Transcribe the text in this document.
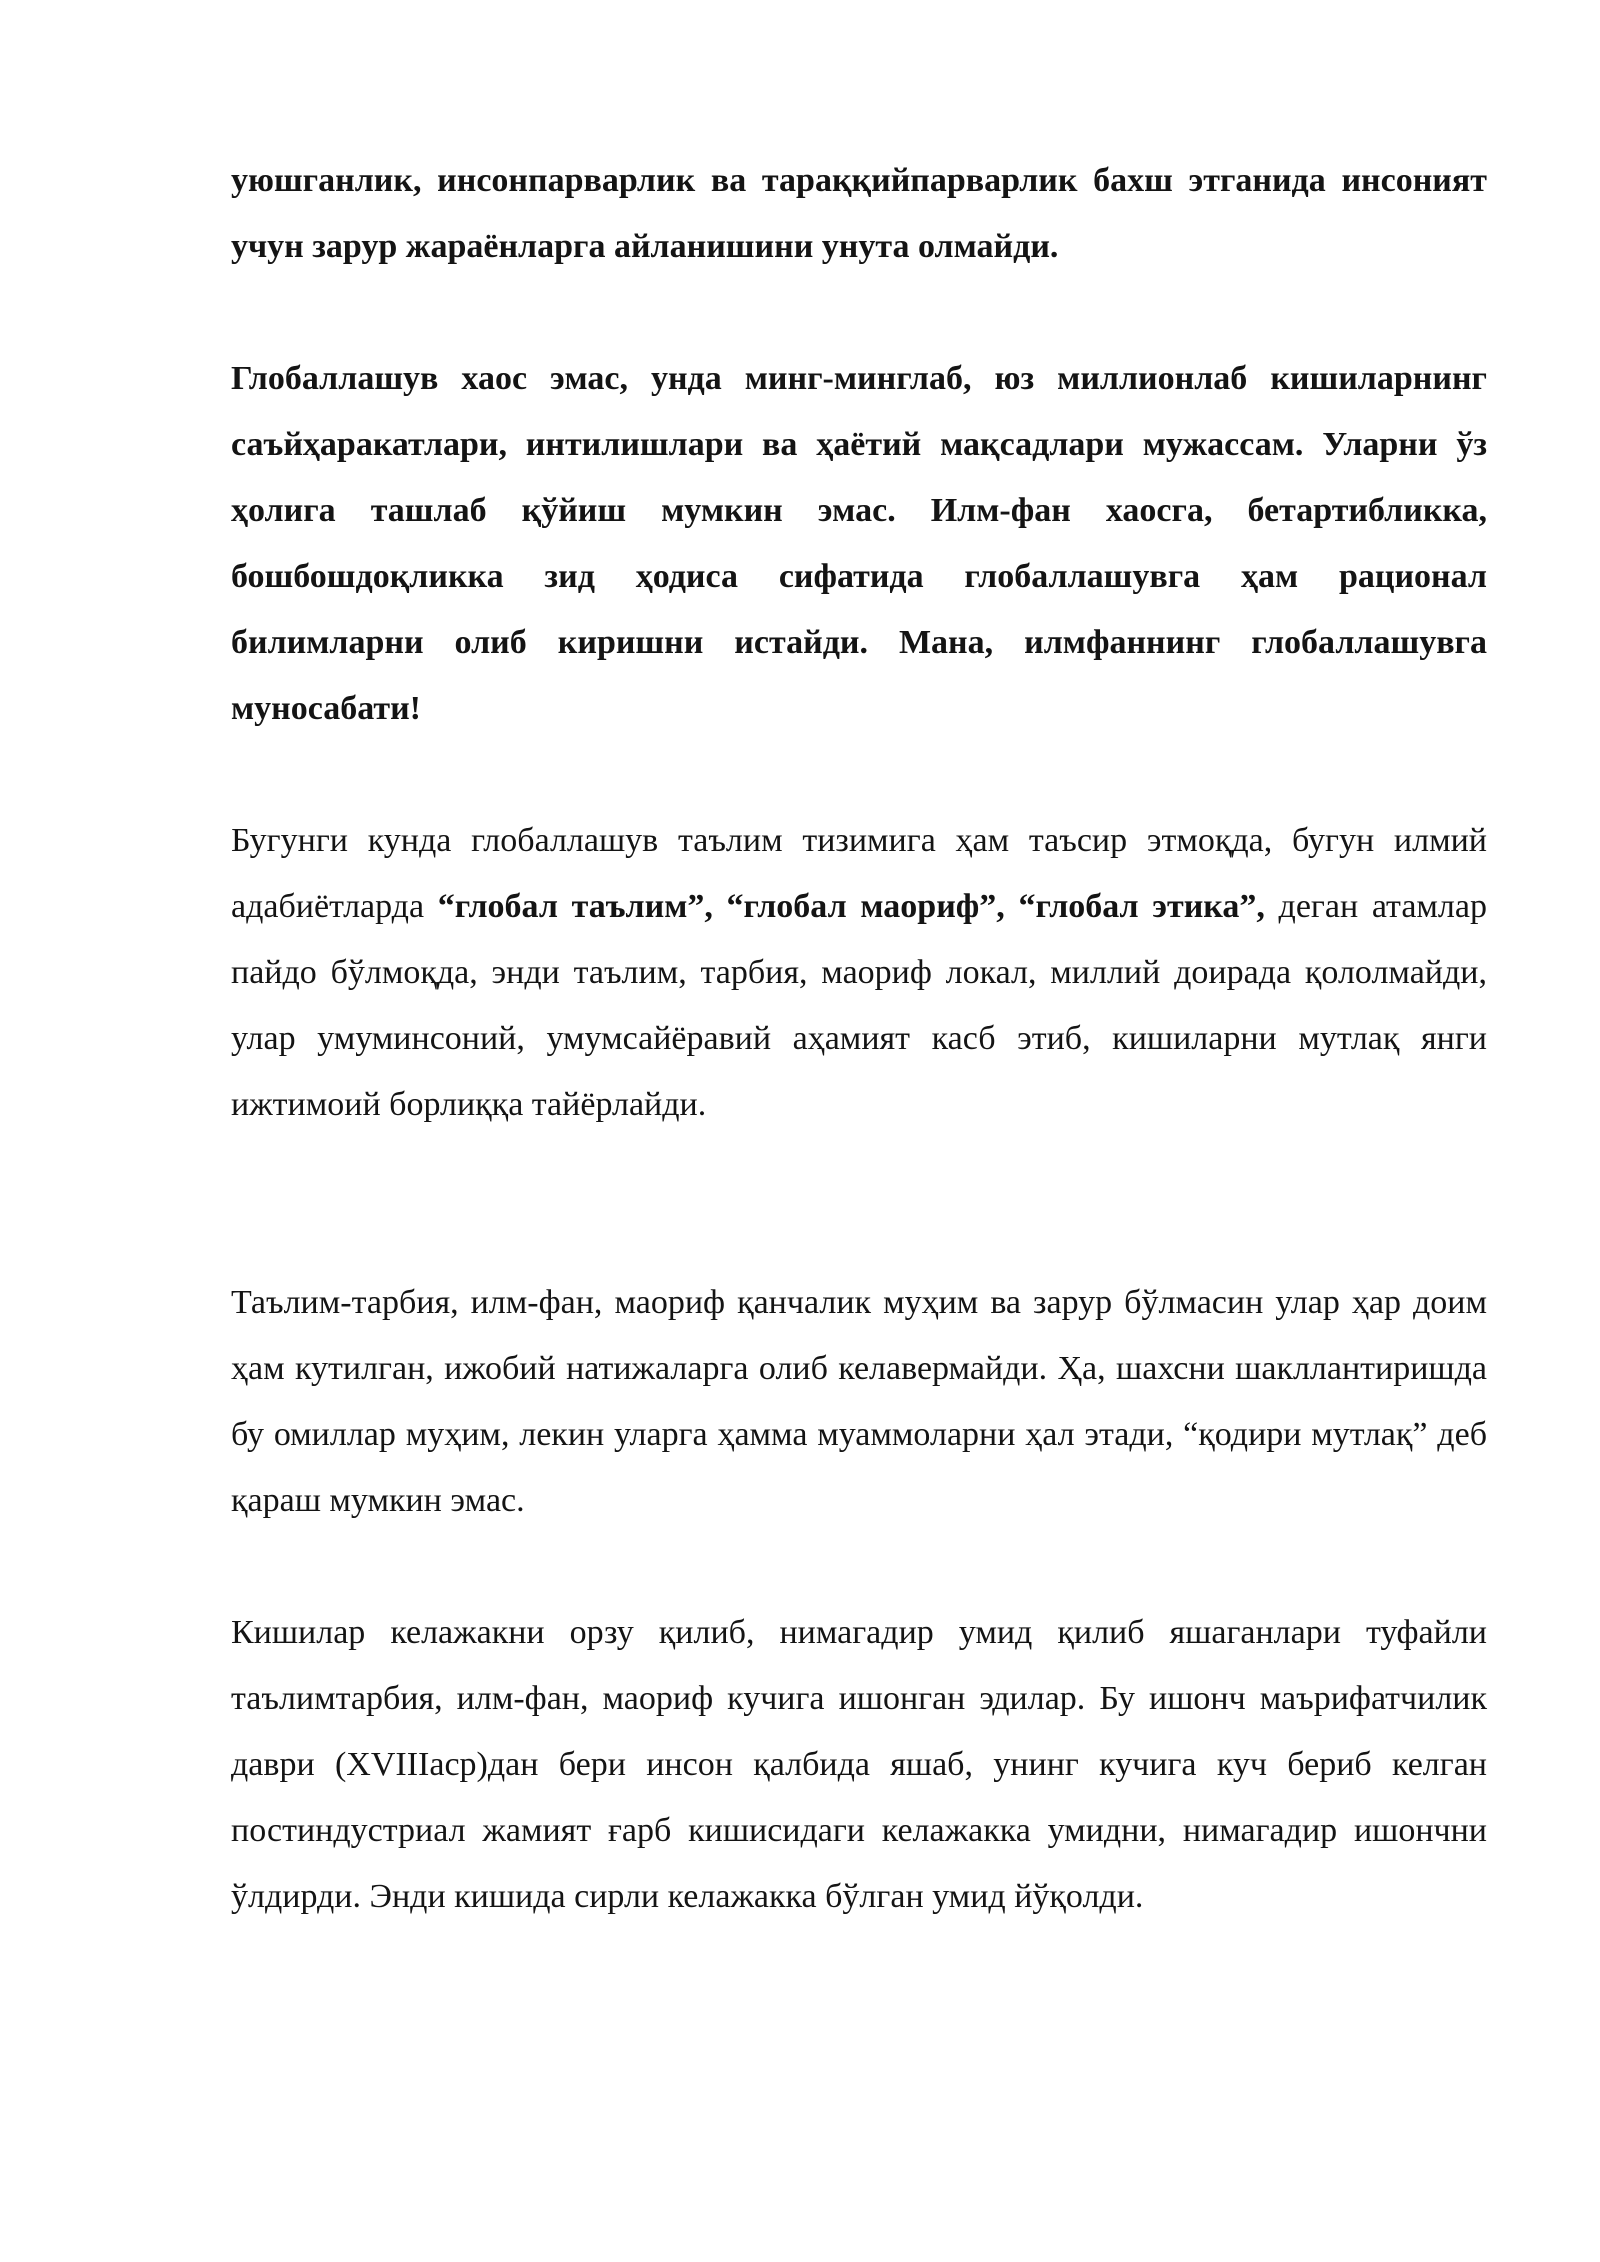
уюшганлик, инсонпарварлик ва тараққийпарварлик бахш этганида инсоният учун зарур жараёнларга айланишини унута олмайди.

Глобаллашув хаос эмас, унда минг-минглаб, юз миллионлаб кишиларнинг саъйҳаракатлари, интилишлари ва ҳаётий мақсадлари мужассам. Уларни ўз ҳолига ташлаб қўйиш мумкин эмас. Илм-фан хаосга, бетартибликка, бошбошдоқликка зид ҳодиса сифатида глобаллашувга ҳам рационал билимларни олиб киришни истайди. Мана, илмфаннинг глобаллашувга муносабати!

Бугунги кунда глобаллашув таълим тизимига ҳам таъсир этмоқда, бугун илмий адабиётларда “глобал таълим”, “глобал маориф”, “глобал этика”, деган атамлар пайдо бўлмоқда, энди таълим, тарбия, маориф локал, миллий доирада қололмайди, улар умуминсоний, умумсайёравий аҳамият касб этиб, кишиларни мутлақ янги ижтимоий борлиққа тайёрлайди.

Таълим-тарбия, илм-фан, маориф қанчалик муҳим ва зарур бўлмасин улар ҳар доим ҳам кутилган, ижобий натижаларга олиб келавермайди. Ҳа, шахсни шакллантиришда бу омиллар муҳим, лекин уларга ҳамма муаммоларни ҳал этади, “қодири мутлақ” деб қараш мумкин эмас.

Кишилар келажакни орзу қилиб, нимагадир умид қилиб яшаганлари туфайли таълимтарбия, илм-фан, маориф кучига ишонган эдилар. Бу ишонч маърифатчилик даври (XVIIIаср)дан бери инсон қалбида яшаб, унинг кучига куч бериб келган постиндустриал жамият ғарб кишисидаги келажакка умидни, нимагадир ишончни ўлдирди. Энди кишида сирли келажакка бўлган умид йўқолди.
